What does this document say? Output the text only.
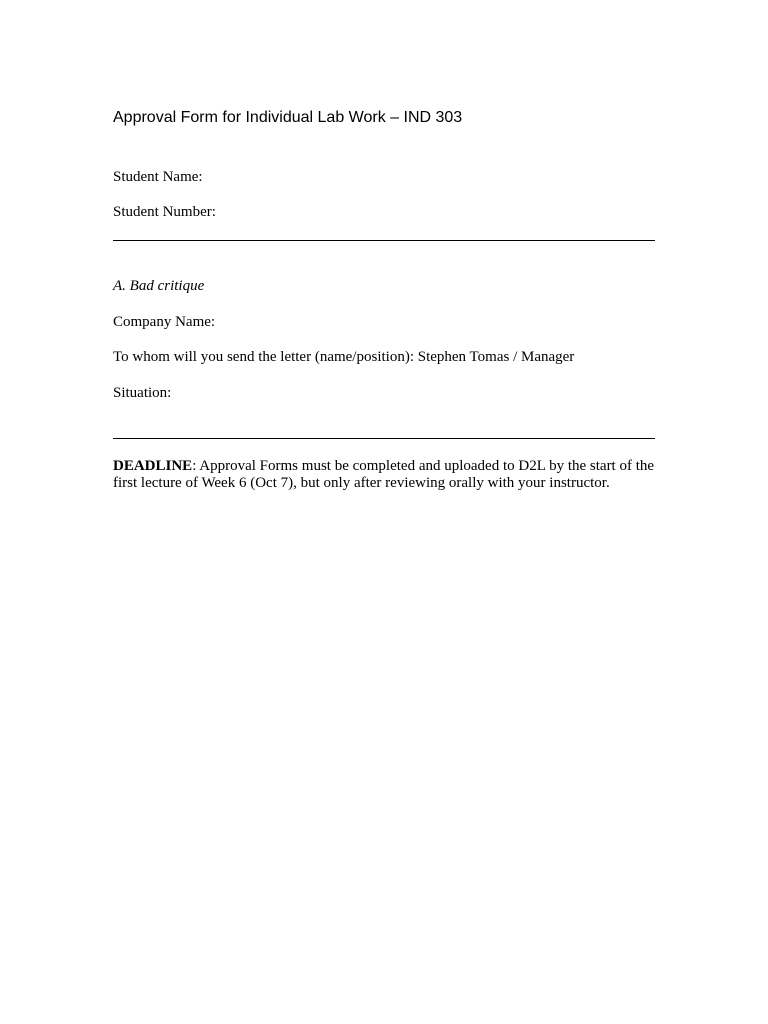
Approval Form for Individual Lab Work – IND 303
Student Name:
Student Number:
A. Bad critique
Company Name:
To whom will you send the letter (name/position): Stephen Tomas / Manager
Situation:
DEADLINE: Approval Forms must be completed and uploaded to D2L by the start of the first lecture of Week 6 (Oct 7), but only after reviewing orally with your instructor.
